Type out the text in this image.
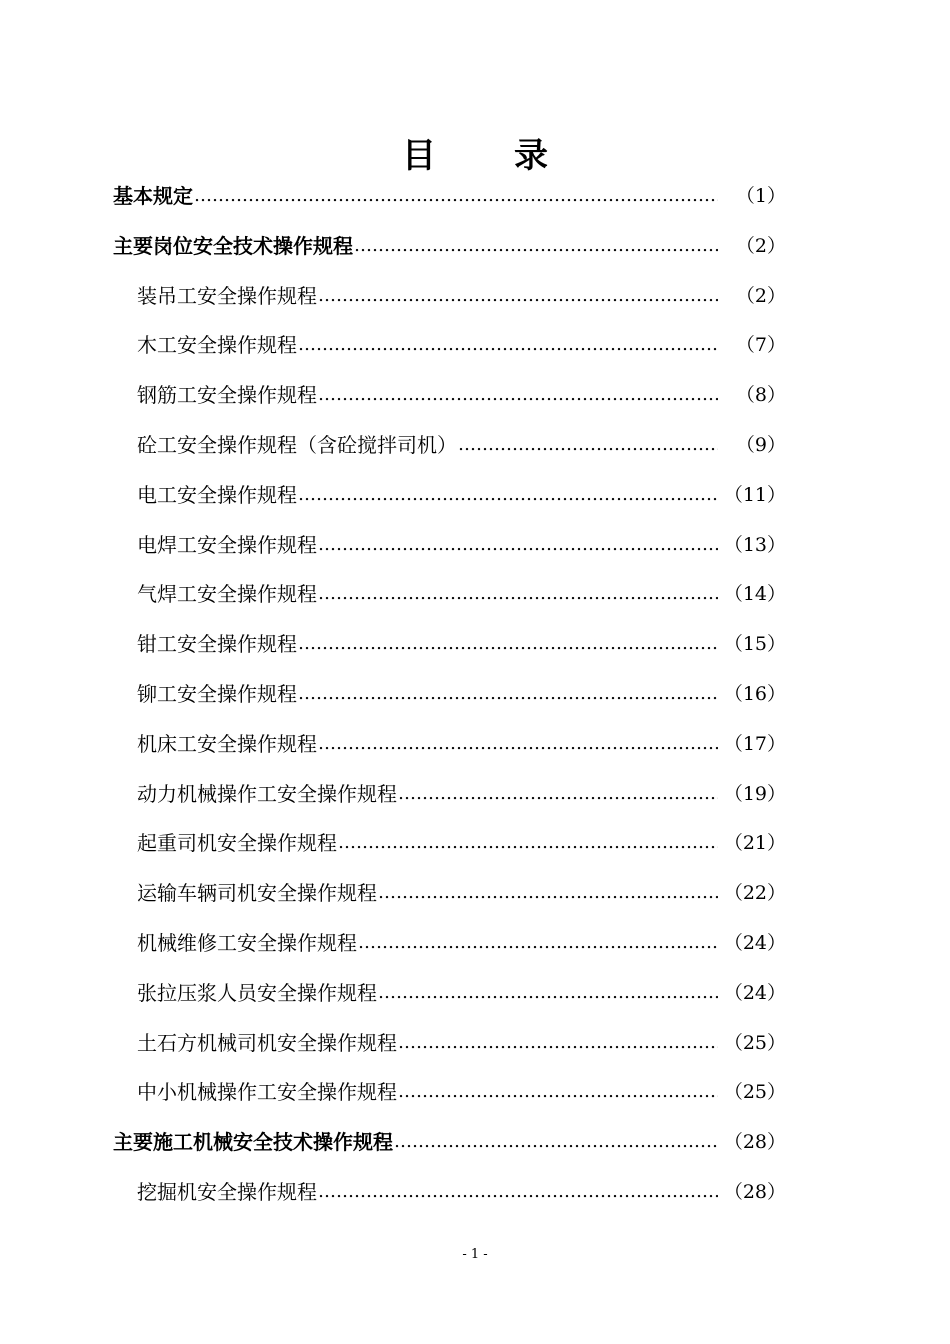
目 录
基本规定 …………………………………………………………………………………………………………………………	（1）
主要岗位安全技术操作规程 …………………………………………………………………………………………………………………………	（2）
装吊工安全操作规程 …………………………………………………………………………………………………………………………	（2）
木工安全操作规程 …………………………………………………………………………………………………………………………	（7）
钢筋工安全操作规程 …………………………………………………………………………………………………………………………	（8）
砼工安全操作规程（含砼搅拌司机） …………………………………………………………………………………………………………………………	（9）
电工安全操作规程 …………………………………………………………………………………………………………………………	（11）
电焊工安全操作规程 …………………………………………………………………………………………………………………………	（13）
气焊工安全操作规程 …………………………………………………………………………………………………………………………	（14）
钳工安全操作规程 …………………………………………………………………………………………………………………………	（15）
铆工安全操作规程 …………………………………………………………………………………………………………………………	（16）
机床工安全操作规程 …………………………………………………………………………………………………………………………	（17）
动力机械操作工安全操作规程 …………………………………………………………………………………………………………………………	（19）
起重司机安全操作规程 …………………………………………………………………………………………………………………………	（21）
运输车辆司机安全操作规程 …………………………………………………………………………………………………………………………	（22）
机械维修工安全操作规程 …………………………………………………………………………………………………………………………	（24）
张拉压浆人员安全操作规程 …………………………………………………………………………………………………………………………	（24）
土石方机械司机安全操作规程 …………………………………………………………………………………………………………………………	（25）
中小机械操作工安全操作规程 …………………………………………………………………………………………………………………………	（25）
主要施工机械安全技术操作规程 …………………………………………………………………………………………………………………………	（28）
挖掘机安全操作规程 …………………………………………………………………………………………………………………………	（28）
- 1 -
